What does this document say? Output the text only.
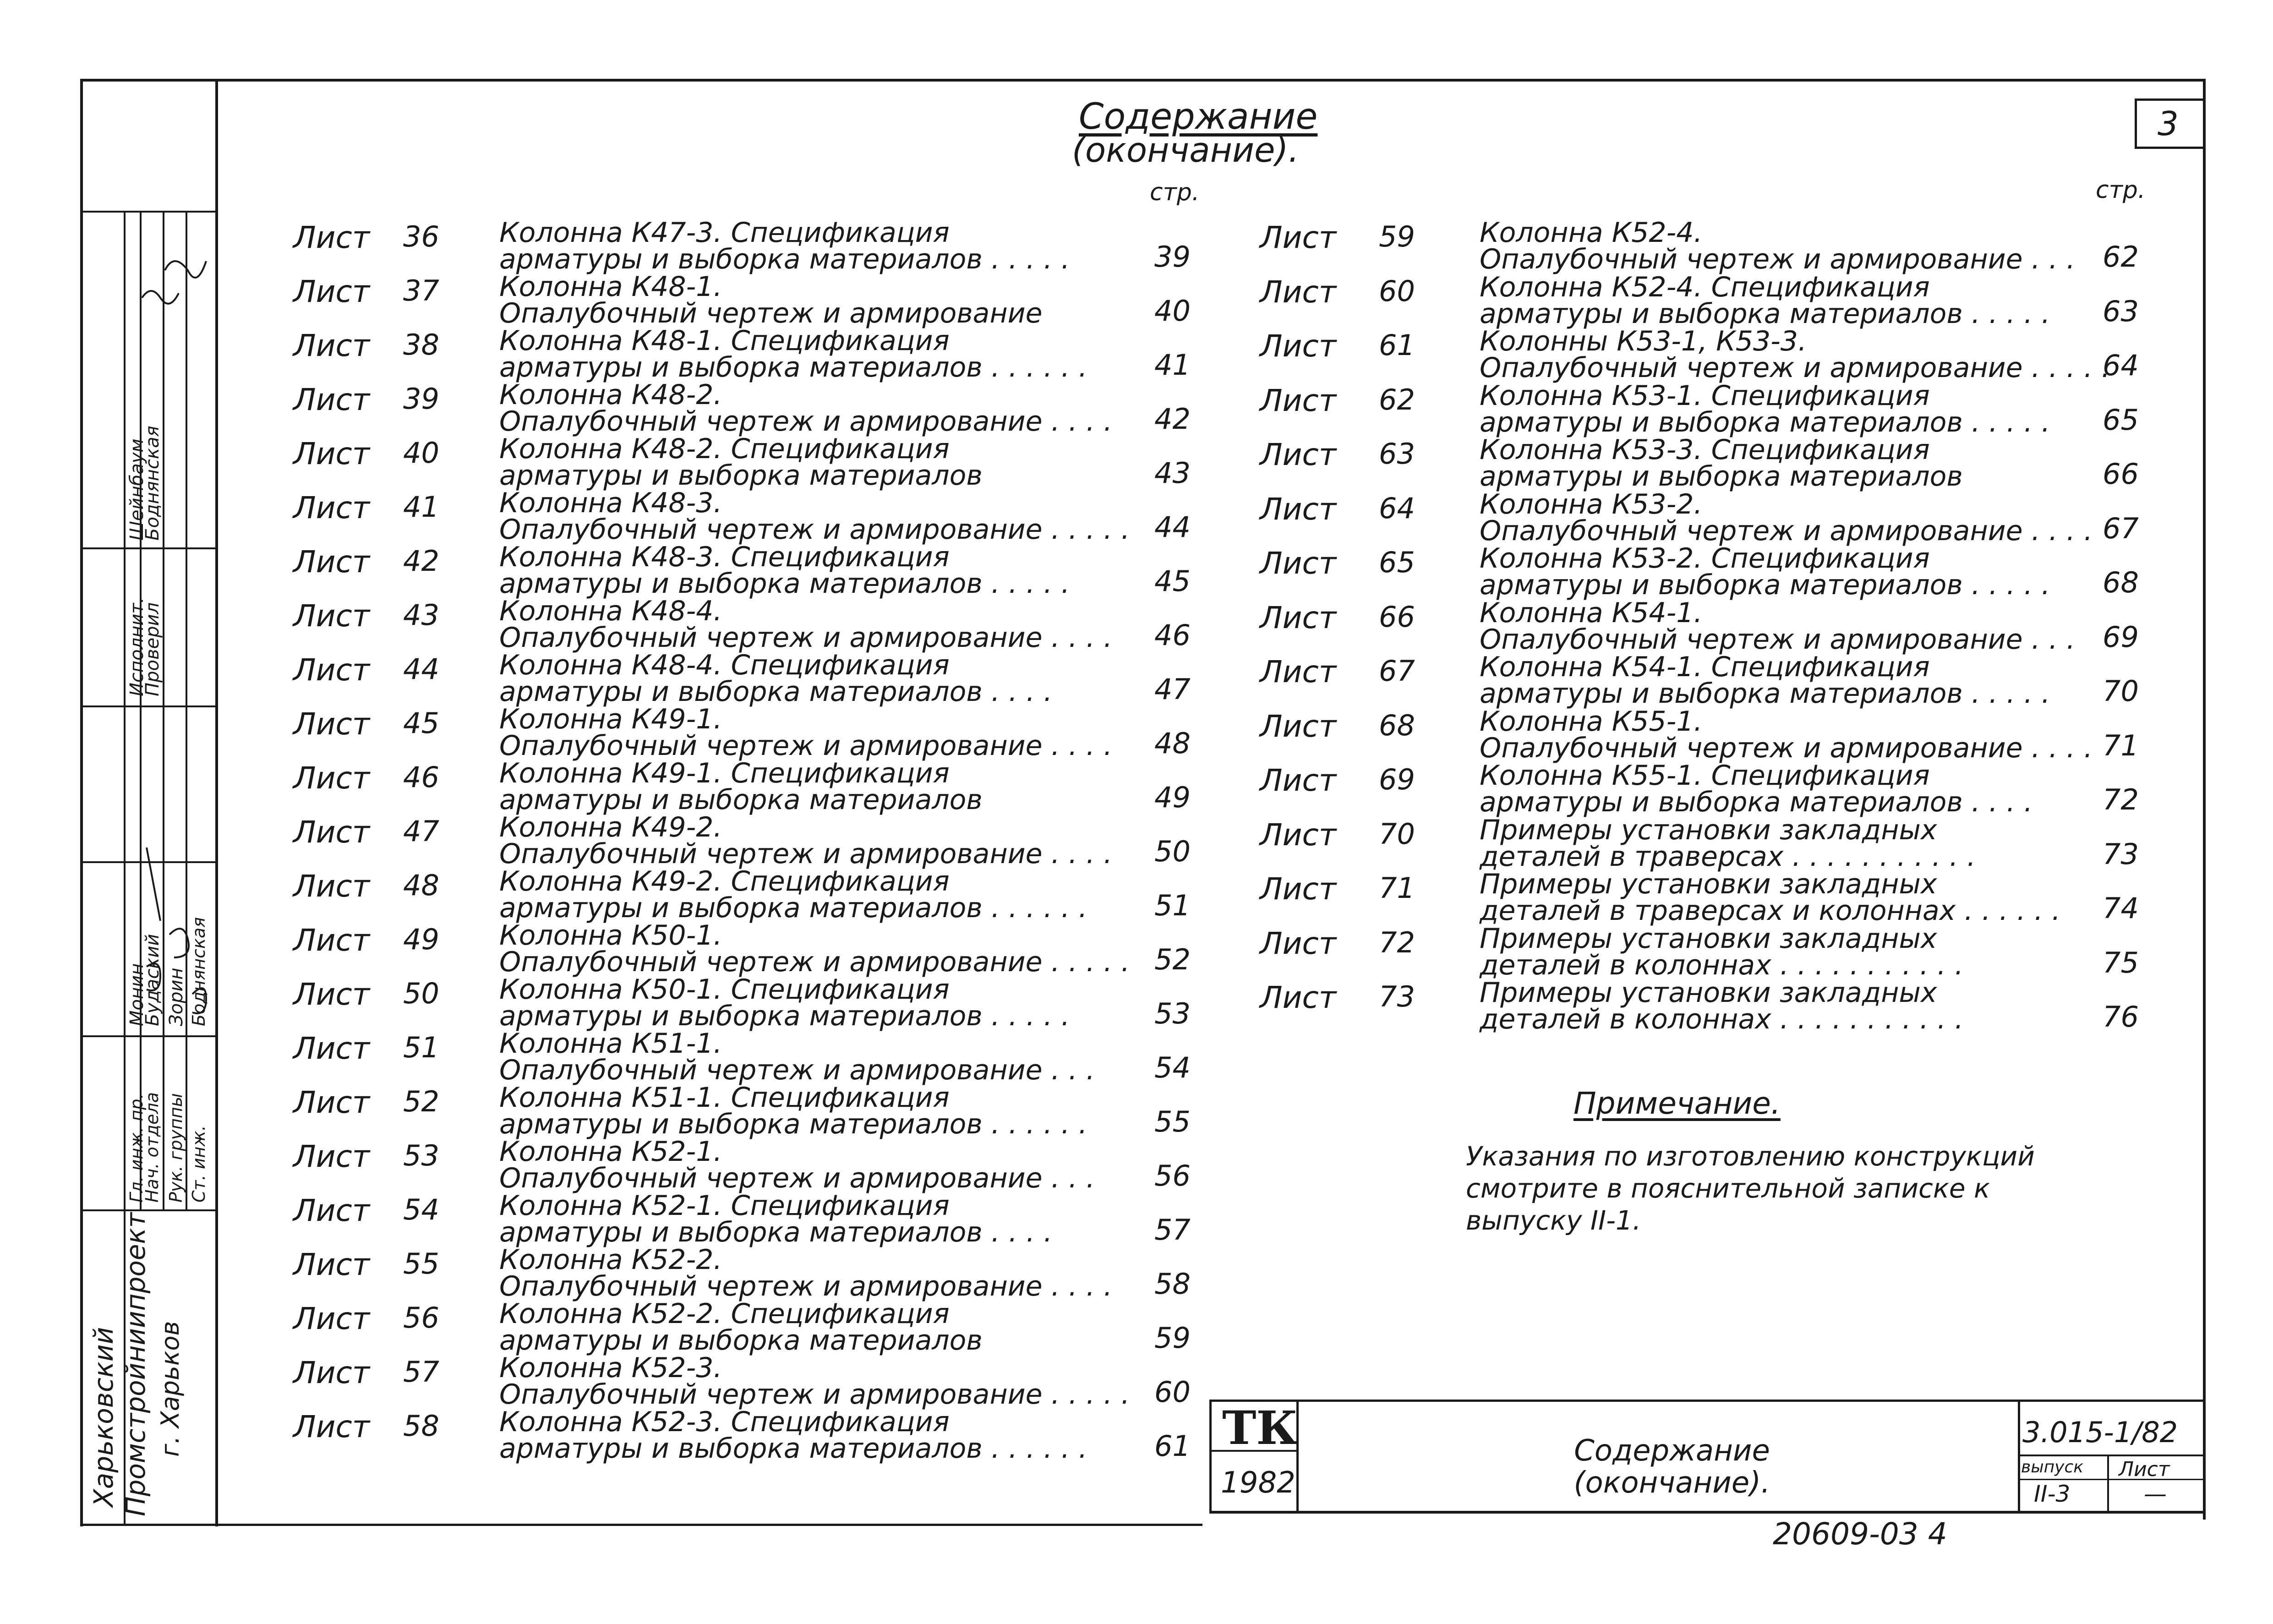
Харьковский Промстройниипроект г. Харьков
Гл. инж. пр.
Нач. отдела Рук. группы Ст. инж.
Монин
Будаский Зорин Боднянская
Исполнит.
Проверил
Шейнбаум
Боднянская
Содержание
(окончание).
стр.	стр.
3
Лист 36 Колонна К47-3. Спецификация
арматуры и выборка материалов . . . . .	39
Лист 37 Колонна К48-1.
Опалубочный чертеж и армирование	40
Лист 38 Колонна К48-1. Спецификация
арматуры и выборка материалов . . . . . . 41
Лист 39 Колонна К48-2.
Опалубочный чертеж и армирование . . . . 42
Лист 40 Колонна К48-2. Спецификация
арматуры и выборка материалов	43
Лист 41 Колонна К48-3.
Опалубочный чертеж и армирование . . . . . 44
Лист 42 Колонна К48-3. Спецификация
арматуры и выборка материалов . . . . .	45
Лист 43 Колонна К48-4.
Опалубочный чертеж и армирование . . . . 46
Лист 44 Колонна К48-4. Спецификация
арматуры и выборка материалов . . . .	47
Лист 45 Колонна К49-1.
Опалубочный чертеж и армирование . . . . 48
Лист 46 Колонна К49-1. Спецификация
арматуры и выборка материалов	49
Лист 47 Колонна К49-2.
Опалубочный чертеж и армирование . . . . 50
Лист 48 Колонна К49-2. Спецификация
арматуры и выборка материалов . . . . . . 51
Лист 49 Колонна К50-1.
Опалубочный чертеж и армирование . . . . . 52
Лист 50 Колонна К50-1. Спецификация
арматуры и выборка материалов . . . . .	53
Лист 51 Колонна К51-1.
Опалубочный чертеж и армирование . . . 54
Лист 52 Колонна К51-1. Спецификация
арматуры и выборка материалов . . . . . . 55
Лист 53 Колонна К52-1.
Опалубочный чертеж и армирование . . . 56
Лист 54 Колонна К52-1. Спецификация
арматуры и выборка материалов . . . .	57
Лист 55 Колонна К52-2.
Опалубочный чертеж и армирование . . . . 58
Лист 56 Колонна К52-2. Спецификация
арматуры и выборка материалов	59
Лист 57 Колонна К52-3.
Опалубочный чертеж и армирование . . . . . 60
Лист 58 Колонна К52-3. Спецификация
арматуры и выборка материалов . . . . . . 61
Лист 59 Колонна К52-4.
Опалубочный чертеж и армирование . . . 62
Лист 60 Колонна К52-4. Спецификация
арматуры и выборка материалов . . . . . 63
Лист 61 Колонны К53-1, К53-3.
Опалубочный чертеж и армирование . . . . .
64
Лист 62 Колонна К53-1. Спецификация
арматуры и выборка материалов . . . . . 65
Лист 63 Колонна К53-3. Спецификация
арматуры и выборка материалов	66
Лист 64 Колонна К53-2.
Опалубочный чертеж и армирование . . . . 67
Лист 65 Колонна К53-2. Спецификация
арматуры и выборка материалов . . . . . 68
Лист 66 Колонна К54-1.
Опалубочный чертеж и армирование . . . 69
Лист 67 Колонна К54-1. Спецификация
арматуры и выборка материалов . . . . . 70
Лист 68 Колонна К55-1.
Опалубочный чертеж и армирование . . . . 71
Лист 69 Колонна К55-1. Спецификация
арматуры и выборка материалов . . . . 72
Лист 70 Примеры установки закладных
деталей в траверсах . . . . . . . . . . .	73
Лист 71 Примеры установки закладных
деталей в траверсах и колоннах . . . . . . 74
Лист 72 Примеры установки закладных
деталей в колоннах . . . . . . . . . . .	75
Лист 73 Примеры установки закладных
деталей в колоннах . . . . . . . . . . .	76
Примечание.
Указания по изготовлению конструкций
смотрите в пояснительной записке к
выпуску II-1.
ТК
1982
Содержание
(окончание).
3.015-1/82
выпуск
II-3
Лист
—
20609-03 4
